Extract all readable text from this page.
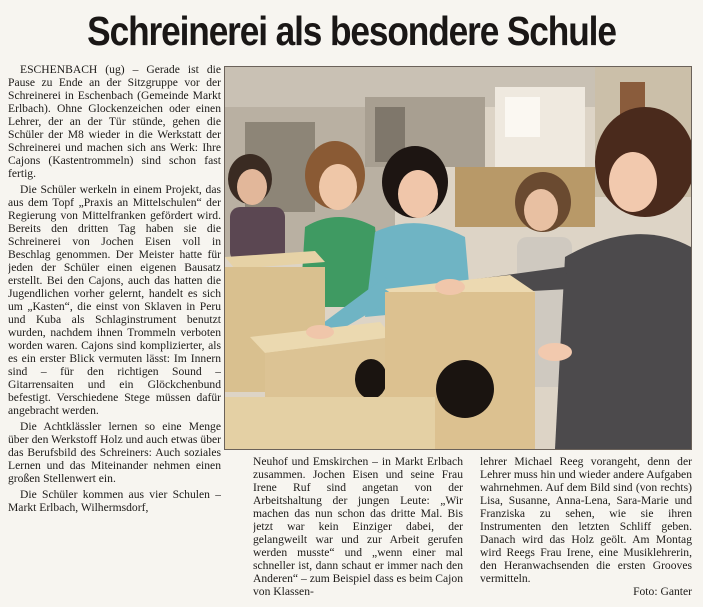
Schreinerei als besondere Schule

ESCHENBACH (ug) – Gerade ist die Pause zu Ende an der Sitzgruppe vor der Schreinerei in Eschenbach (Gemeinde Markt Erlbach). Ohne Glockenzeichen oder einen Lehrer, der an der Tür stünde, gehen die Schüler der M8 wieder in die Werkstatt der Schreinerei und machen sich ans Werk: Ihre Cajons (Kastentrommeln) sind schon fast fertig.

Die Schüler werkeln in einem Projekt, das aus dem Topf „Praxis an Mittelschulen“ der Regierung von Mittelfranken gefördert wird. Bereits den dritten Tag haben sie die Schreinerei von Jochen Eisen voll in Beschlag genommen. Der Meister hatte für jeden der Schüler einen eigenen Bausatz erstellt. Bei den Cajons, auch das hatten die Jugendlichen vorher gelernt, handelt es sich um „Kasten“, die einst von Sklaven in Peru und Kuba als Schlaginstrument benutzt wurden, nachdem ihnen Trommeln verboten worden waren. Cajons sind komplizierter, als es ein erster Blick vermuten lässt: Im Innern sind – für den richtigen Sound – Gitarrensaiten und ein Glöckchenbund befestigt. Verschiedene Stege müssen dafür angebracht werden.

Die Achtklässler lernen so eine Menge über den Werkstoff Holz und auch etwas über das Berufsbild des Schreiners: Auch soziales Lernen und das Miteinander nehmen einen großen Stellenwert ein.

Die Schüler kommen aus vier Schulen – Markt Erlbach, Wilhermsdorf,

Neuhof und Emskirchen – in Markt Erlbach zusammen. Jochen Eisen und seine Frau Irene Ruf sind angetan von der Arbeitshaltung der jungen Leute: „Wir machen das nun schon das dritte Mal. Bis jetzt war kein Einziger dabei, der gelangweilt war und zur Arbeit gerufen werden musste“ und „wenn einer mal schneller ist, dann schaut er immer nach den Anderen“ – zum Beispiel dass es beim Cajon von Klassen-

lehrer Michael Reeg vorangeht, denn der Lehrer muss hin und wieder andere Aufgaben wahrnehmen. Auf dem Bild sind (von rechts) Lisa, Susanne, Anna-Lena, Sara-Marie und Franziska zu sehen, wie sie ihren Instrumenten den letzten Schliff geben. Danach wird das Holz geölt. Am Montag wird Reegs Frau Irene, eine Musiklehrerin, den Heranwachsenden die ersten Grooves vermitteln.

Foto: Ganter
